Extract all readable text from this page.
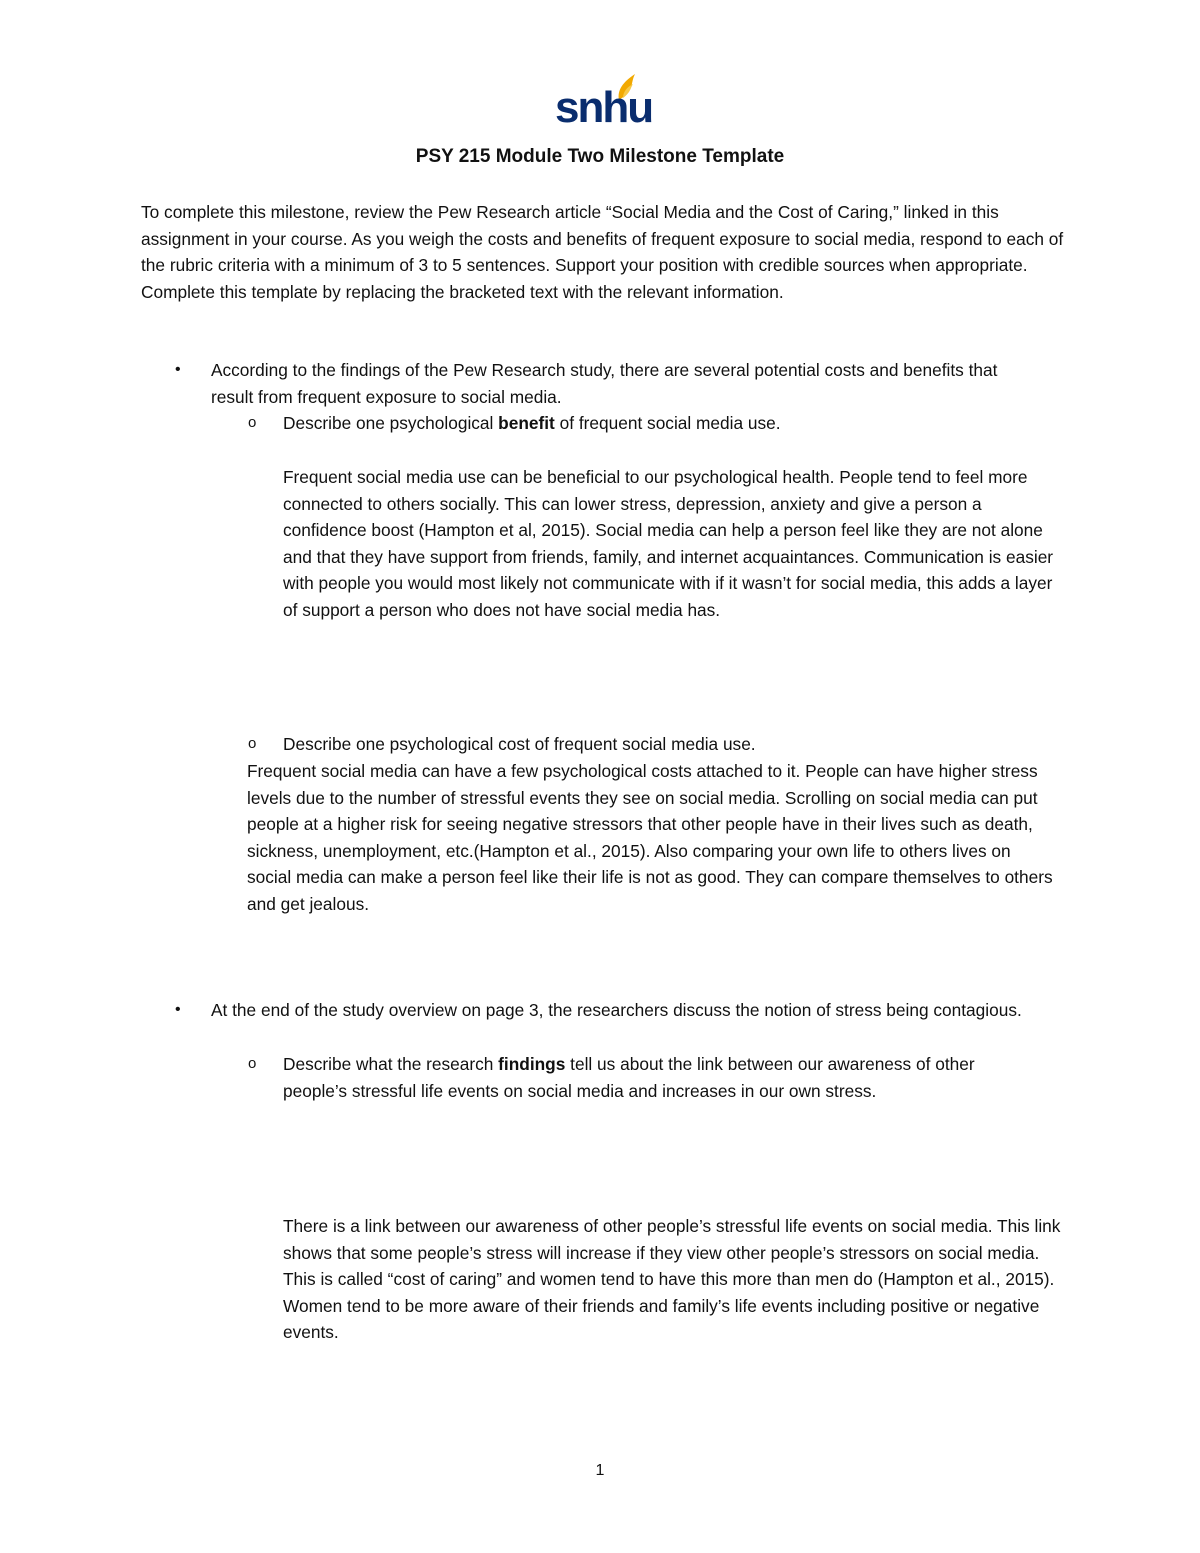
snhu
PSY 215 Module Two Milestone Template

To complete this milestone, review the Pew Research article “Social Media and the Cost of Caring,” linked in this assignment in your course. As you weigh the costs and benefits of frequent exposure to social media, respond to each of the rubric criteria with a minimum of 3 to 5 sentences. Support your position with credible sources when appropriate. Complete this template by replacing the bracketed text with the relevant information.

• According to the findings of the Pew Research study, there are several potential costs and benefits that result from frequent exposure to social media.

o Describe one psychological benefit of frequent social media use.

Frequent social media use can be beneficial to our psychological health. People tend to feel more connected to others socially. This can lower stress, depression, anxiety and give a person a confidence boost (Hampton et al, 2015). Social media can help a person feel like they are not alone and that they have support from friends, family, and internet acquaintances. Communication is easier with people you would most likely not communicate with if it wasn’t for social media, this adds a layer of support a person who does not have social media has.

o Describe one psychological cost of frequent social media use.

Frequent social media can have a few psychological costs attached to it. People can have higher stress levels due to the number of stressful events they see on social media. Scrolling on social media can put people at a higher risk for seeing negative stressors that other people have in their lives such as death, sickness, unemployment, etc.(Hampton et al., 2015). Also comparing your own life to others lives on social media can make a person feel like their life is not as good. They can compare themselves to others and get jealous.

• At the end of the study overview on page 3, the researchers discuss the notion of stress being contagious.

o Describe what the research findings tell us about the link between our awareness of other people’s stressful life events on social media and increases in our own stress.

There is a link between our awareness of other people’s stressful life events on social media. This link shows that some people’s stress will increase if they view other people’s stressors on social media. This is called “cost of caring” and women tend to have this more than men do (Hampton et al., 2015). Women tend to be more aware of their friends and family’s life events including positive or negative events.

1
